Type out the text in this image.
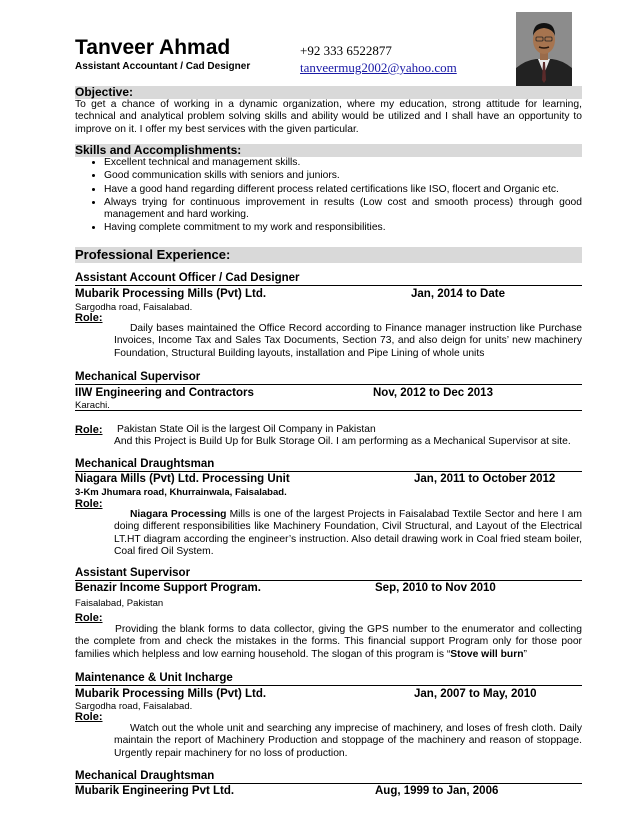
Tanveer Ahmad
Assistant Accountant / Cad Designer
+92 333 6522877
tanveermug2002@yahoo.com
Objective:
To get a chance of working in a dynamic organization, where my education, strong attitude for learning, technical and analytical problem solving skills and ability would be utilized and I shall have an opportunity to improve on it. I offer my best services with the given particular.
Skills and Accomplishments:
• Excellent technical and management skills.
• Good communication skills with seniors and juniors.
• Have a good hand regarding different process related certifications like ISO, flocert and Organic etc.
• Always trying for continuous improvement in results (Low cost and smooth process) through good management and hard working.
• Having complete commitment to my work and responsibilities.
Professional Experience:
Assistant Account Officer / Cad Designer
Mubarik Processing Mills (Pvt) Ltd.	Jan, 2014 to Date
Sargodha road, Faisalabad.
Role:
Daily bases maintained the Office Record according to Finance manager instruction like Purchase Invoices, Income Tax and Sales Tax Documents, Section 73, and also deign for units’ new machinery Foundation, Structural Building layouts, installation and Pipe Lining of whole units
Mechanical Supervisor
IIW Engineering and Contractors	Nov, 2012 to Dec 2013
Karachi.
Role: Pakistan State Oil is the largest Oil Company in Pakistan
And this Project is Build Up for Bulk Storage Oil. I am performing as a Mechanical Supervisor at site.
Mechanical Draughtsman
Niagara Mills (Pvt) Ltd. Processing Unit	Jan, 2011 to October 2012
3-Km Jhumara road, Khurrainwala, Faisalabad.
Role:
Niagara Processing Mills is one of the largest Projects in Faisalabad Textile Sector and here I am doing different responsibilities like Machinery Foundation, Civil Structural, and Layout of the Electrical LT.HT diagram according the engineer’s instruction. Also detail drawing work in Coal fried steam boiler, Coal fired Oil System.
Assistant Supervisor
Benazir Income Support Program.	Sep, 2010 to Nov 2010
Faisalabad, Pakistan
Role:
Providing the blank forms to data collector, giving the GPS number to the enumerator and collecting the complete from and check the mistakes in the forms. This financial support Program only for those poor families which helpless and low earning household. The slogan of this program is “Stove will burn”
Maintenance & Unit Incharge
Mubarik Processing Mills (Pvt) Ltd.	Jan, 2007 to May, 2010
Sargodha road, Faisalabad.
Role:
Watch out the whole unit and searching any imprecise of machinery, and loses of fresh cloth. Daily maintain the report of Machinery Production and stoppage of the machinery and reason of stoppage. Urgently repair machinery for no loss of production.
Mechanical Draughtsman
Mubarik Engineering Pvt Ltd.	Aug, 1999 to Jan, 2006
